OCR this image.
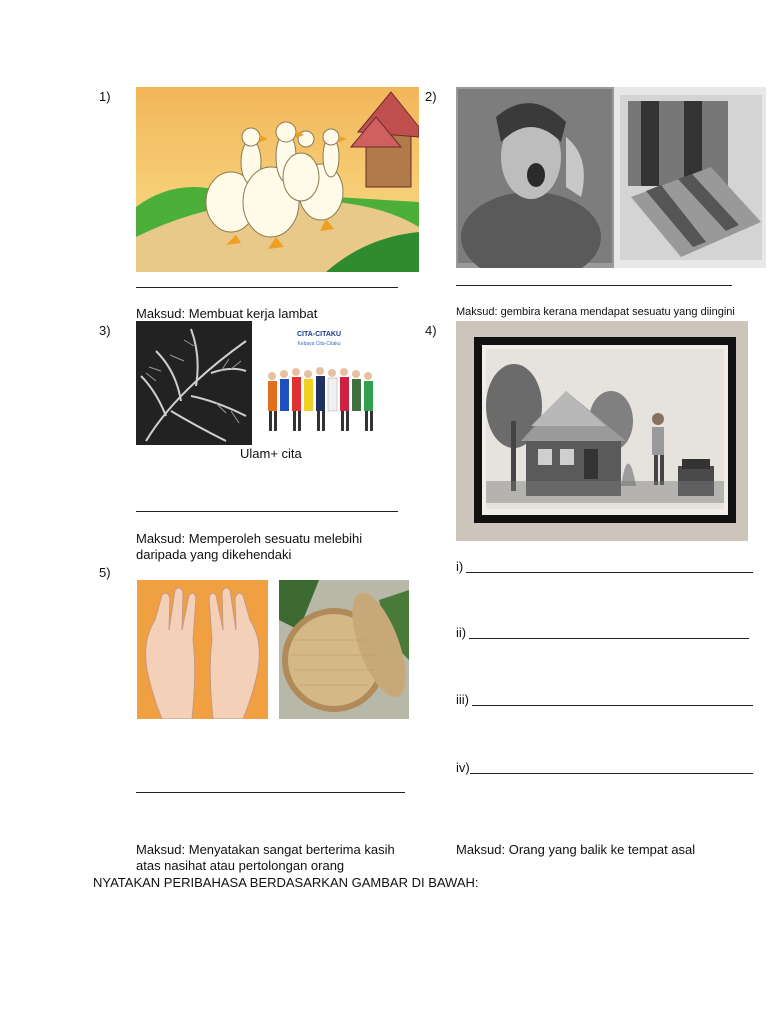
1)	2)
3)	4)
5)
Maksud: Membuat kerja lambat	Maksud: gembira kerana mendapat sesuatu yang diingini
CITA-CITAKU
Kebaya Cita-Citaku
Ulam+ cita
Maksud: Memperoleh sesuatu melebihi
daripada yang dikehendaki
i)
ii)
iii)
iv)
Maksud: Menyatakan sangat berterima kasih
atas nasihat atau pertolongan orang
Maksud: Orang yang balik ke tempat asal
NYATAKAN PERIBAHASA BERDASARKAN GAMBAR DI BAWAH:
